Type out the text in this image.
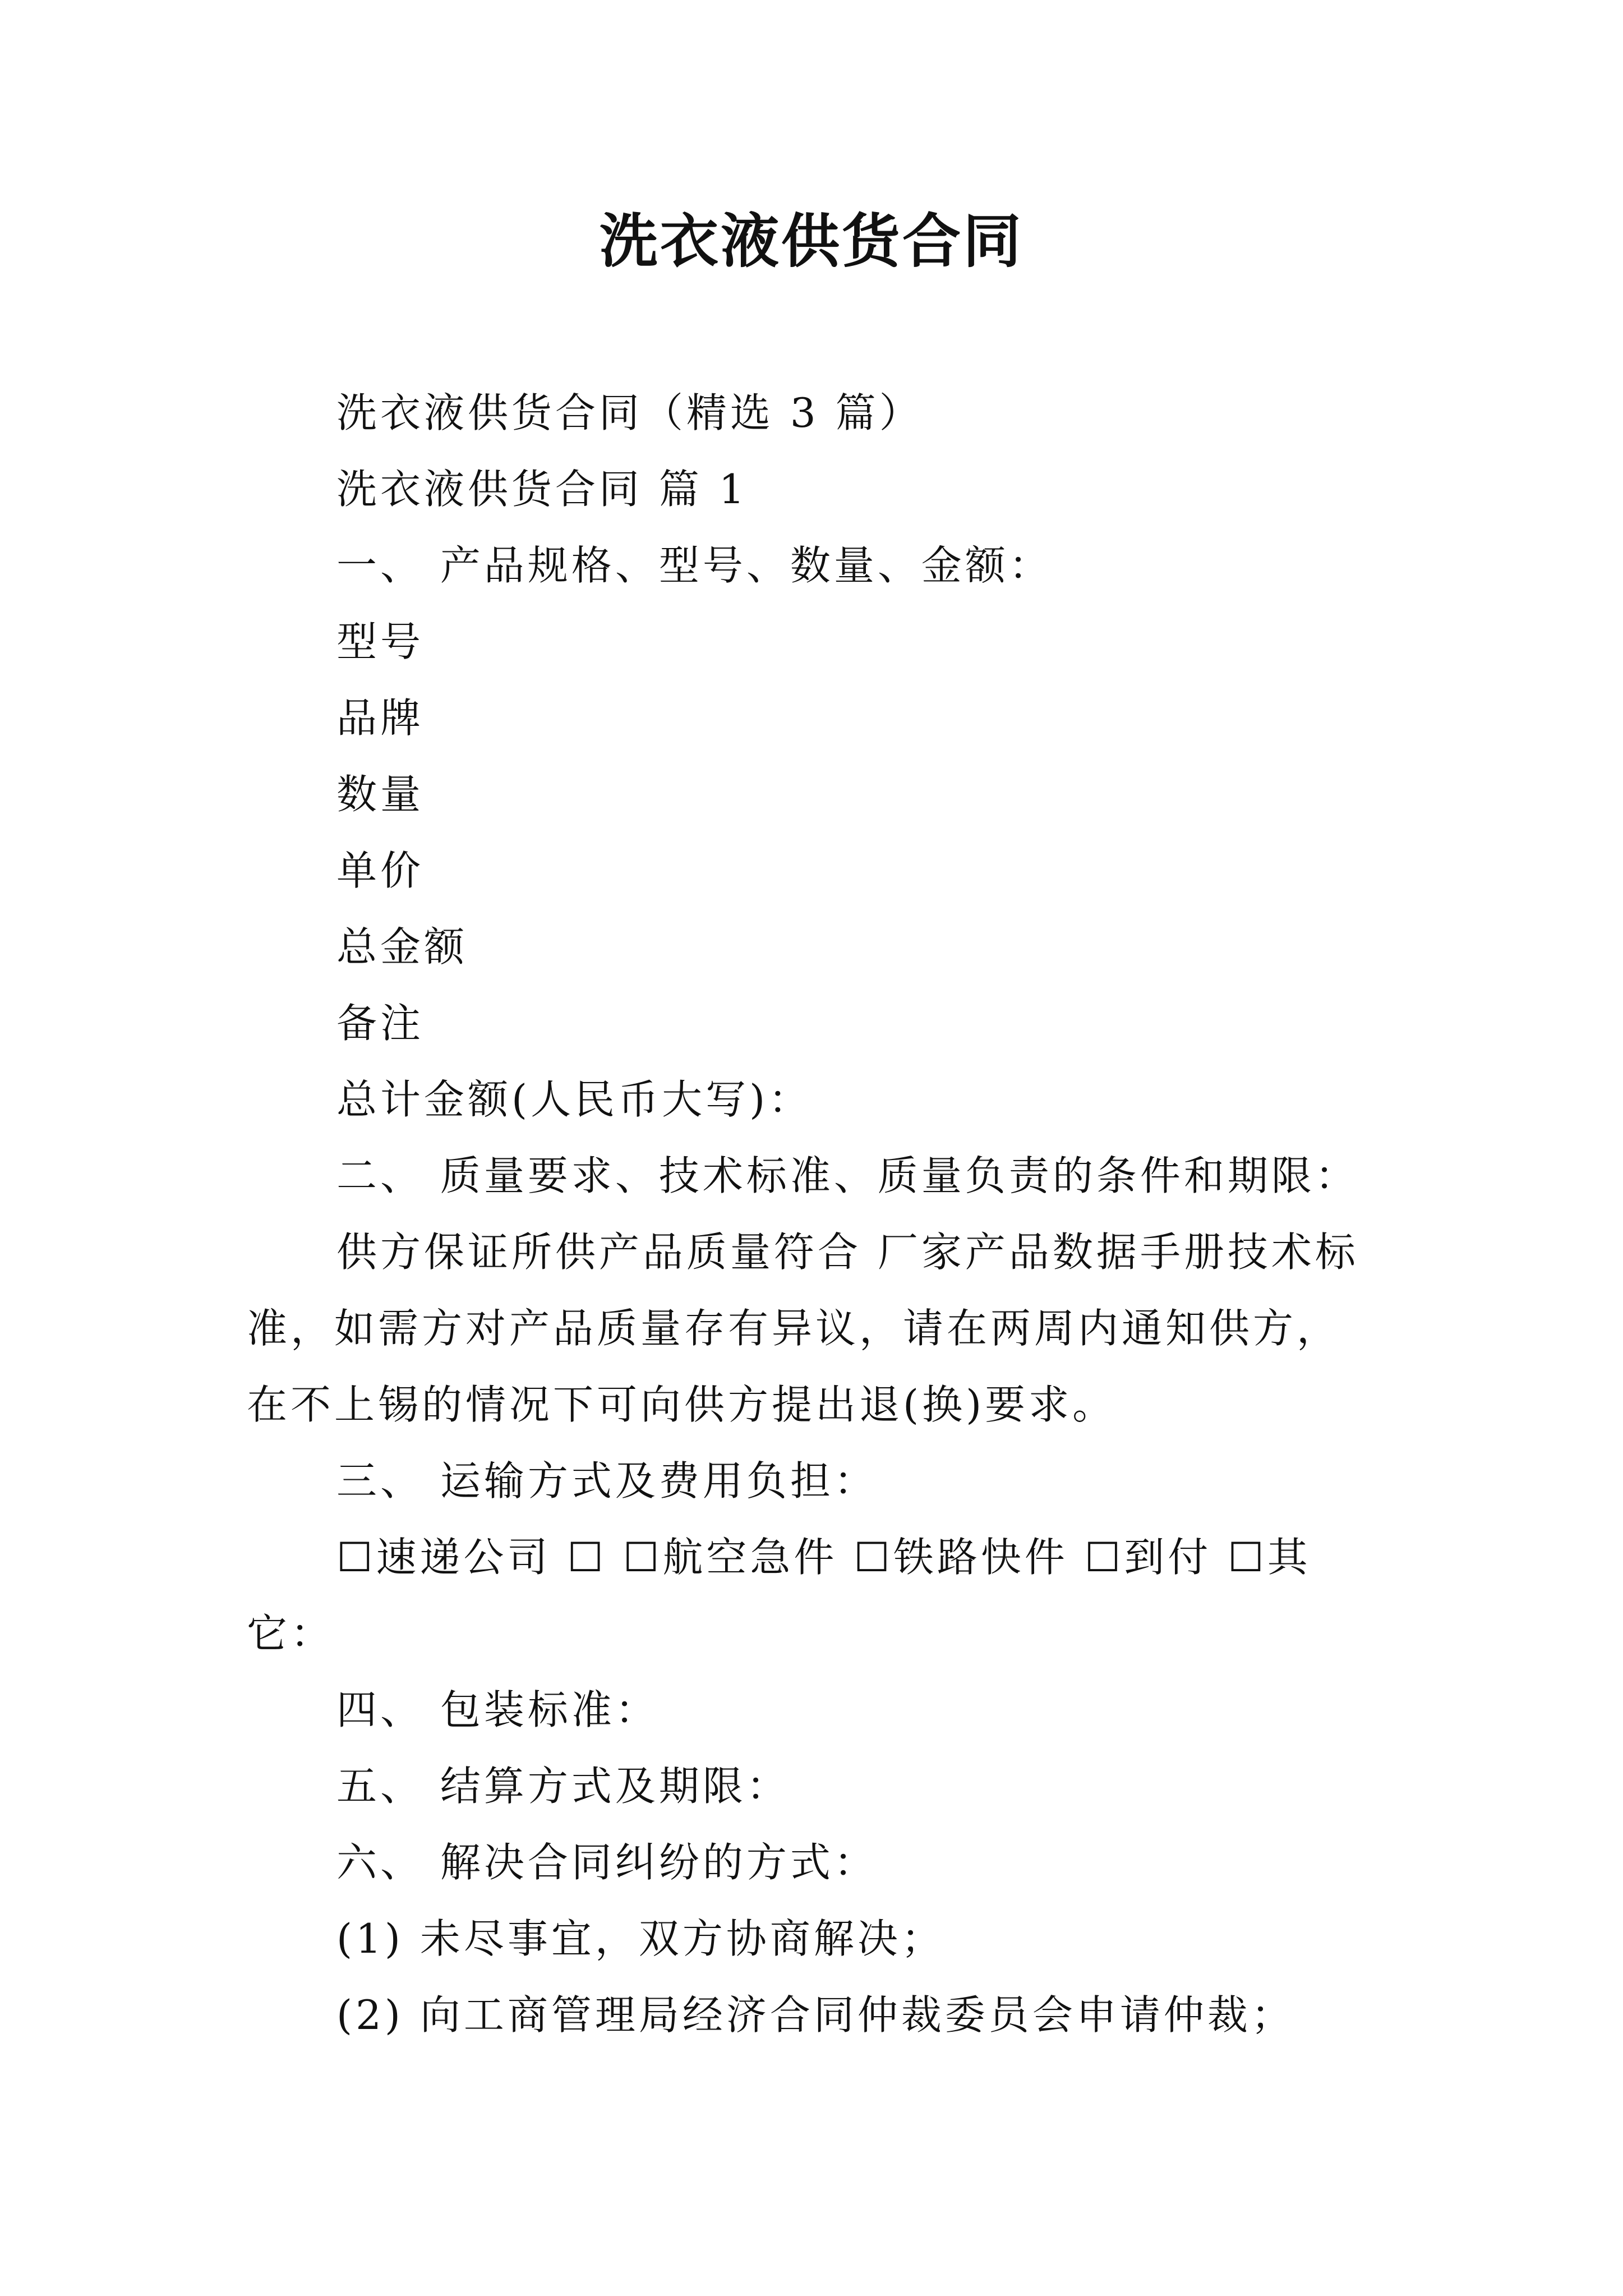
洗衣液供货合同

洗衣液供货合同（精选 3 篇）

洗衣液供货合同 篇 1

一、 产品规格、型号、数量、金额：

型号

品牌

数量

单价

总金额

备注

总计金额(人民币大写)：

二、 质量要求、技术标准、质量负责的条件和期限：

供方保证所供产品质量符合 厂家产品数据手册技术标准，如需方对产品质量存有异议，请在两周内通知供方，在不上锡的情况下可向供方提出退(换)要求。

三、 运输方式及费用负担：

☐速递公司 ☐ ☐航空急件 ☐铁路快件 ☐到付 ☐其它：

四、 包装标准：

五、 结算方式及期限：

六、 解决合同纠纷的方式：

(1) 未尽事宜，双方协商解决；

(2) 向工商管理局经济合同仲裁委员会申请仲裁；
